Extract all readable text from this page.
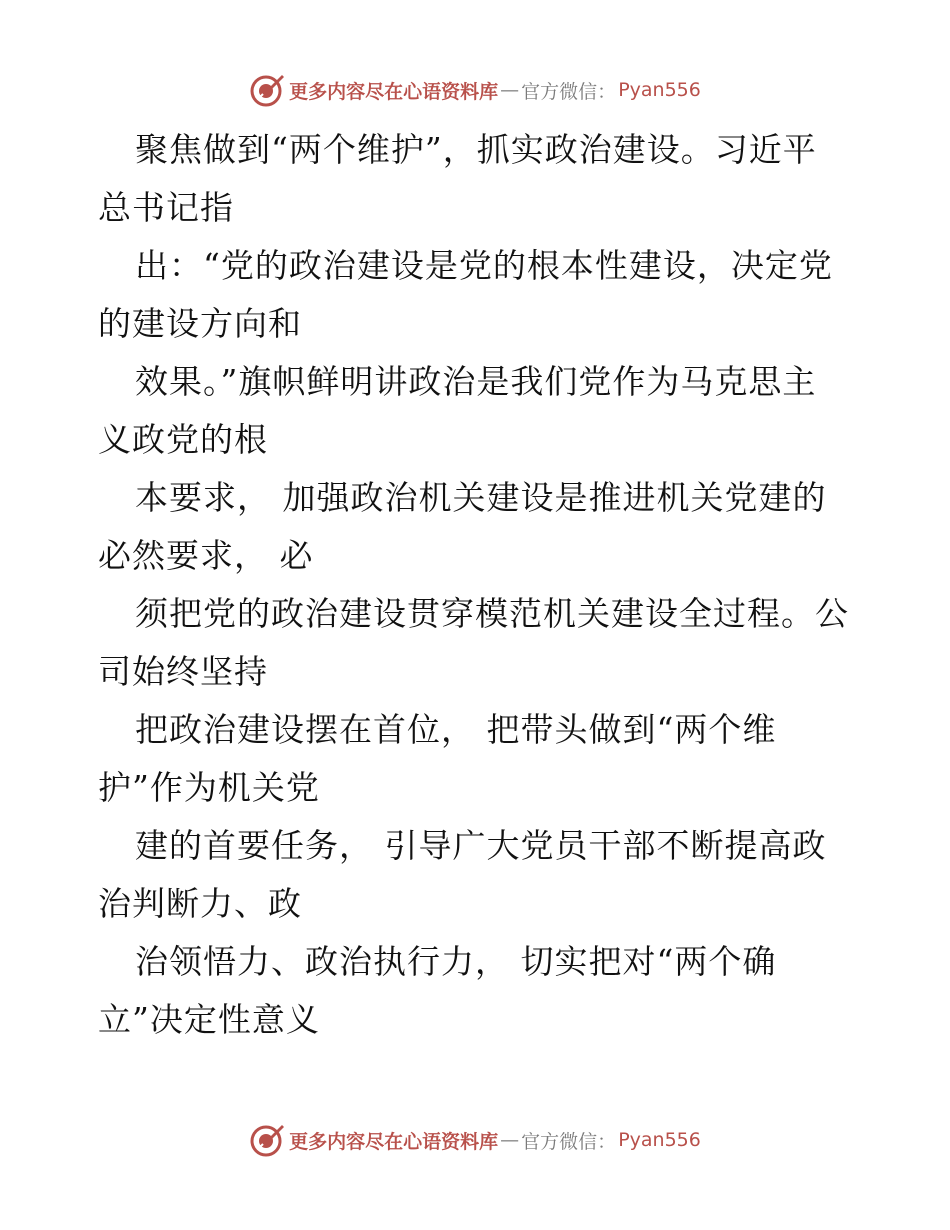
更多内容尽在心语资料库 — 官方微信： Pyan556
聚焦做到“两个维护”，抓实政治建设。习近平
总书记指
出：“党的政治建设是党的根本性建设，决定党
的建设方向和
效果。”旗帜鲜明讲政治是我们党作为马克思主
义政党的根
本要求， 加强政治机关建设是推进机关党建的
必然要求， 必
须把党的政治建设贯穿模范机关建设全过程。公
司始终坚持
把政治建设摆在首位， 把带头做到“两个维
护”作为机关党
建的首要任务， 引导广大党员干部不断提高政
治判断力、政
治领悟力、政治执行力， 切实把对“两个确
立”决定性意义
更多内容尽在心语资料库 — 官方微信： Pyan556
